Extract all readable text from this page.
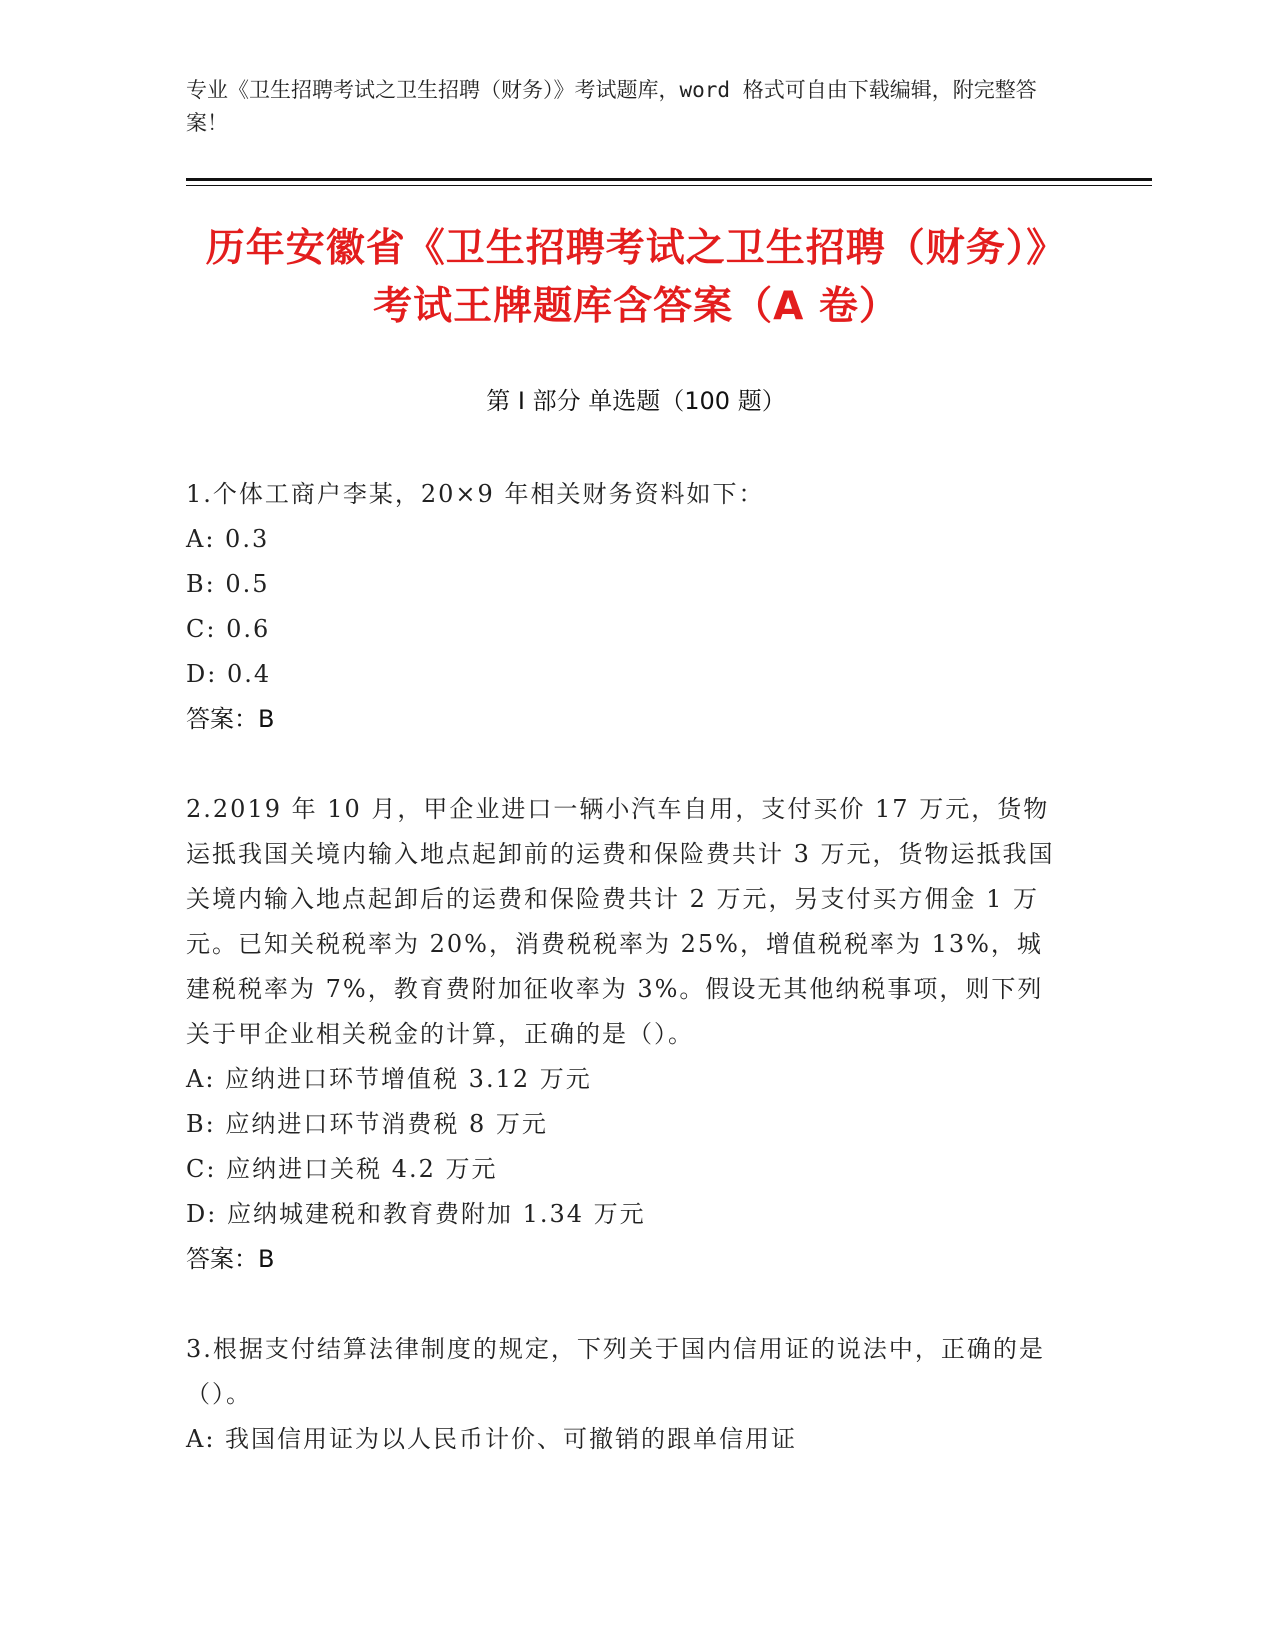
专业《卫生招聘考试之卫生招聘（财务）》考试题库，word 格式可自由下载编辑，附完整答案！
历年安徽省《卫生招聘考试之卫生招聘（财务）》考试王牌题库含答案（A 卷）
第 I 部分 单选题（100 题）
1.个体工商户李某，20×9 年相关财务资料如下：
A: 0.3
B: 0.5
C: 0.6
D: 0.4
答案：B
2.2019 年 10 月，甲企业进口一辆小汽车自用，支付买价 17 万元，货物运抵我国关境内输入地点起卸前的运费和保险费共计 3 万元，货物运抵我国关境内输入地点起卸后的运费和保险费共计 2 万元，另支付买方佣金 1 万元。已知关税税率为 20%，消费税税率为 25%，增值税税率为 13%，城建税税率为 7%，教育费附加征收率为 3%。假设无其他纳税事项，则下列关于甲企业相关税金的计算，正确的是（）。
A: 应纳进口环节增值税 3.12 万元
B: 应纳进口环节消费税 8 万元
C: 应纳进口关税 4.2 万元
D: 应纳城建税和教育费附加 1.34 万元
答案：B
3.根据支付结算法律制度的规定，下列关于国内信用证的说法中，正确的是（）。
A: 我国信用证为以人民币计价、可撤销的跟单信用证
